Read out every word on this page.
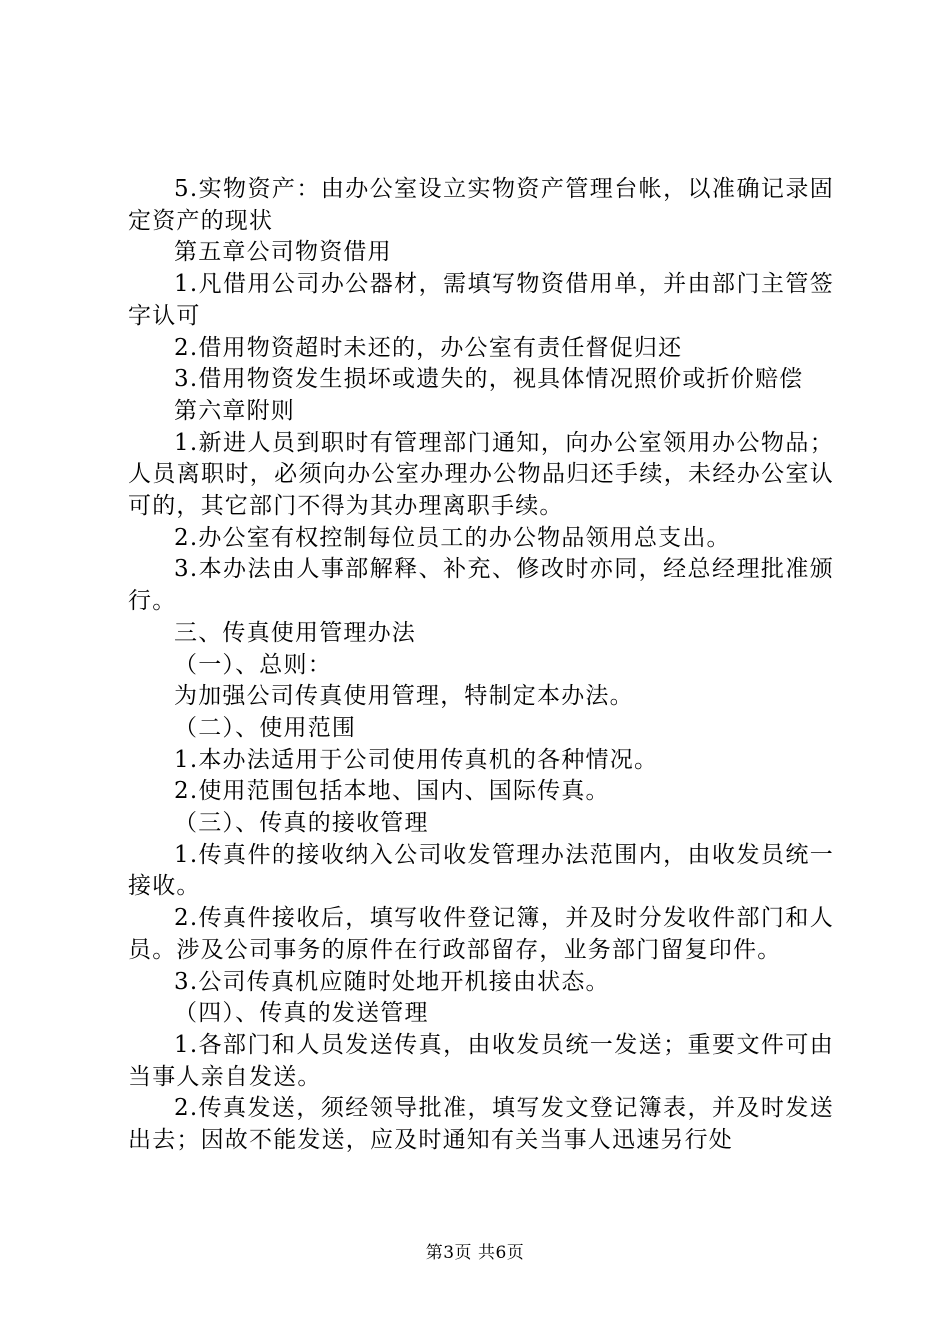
5.实物资产：由办公室设立实物资产管理台帐，以准确记录固定资产的现状

第五章公司物资借用

1.凡借用公司办公器材，需填写物资借用单，并由部门主管签字认可

2.借用物资超时未还的，办公室有责任督促归还

3.借用物资发生损坏或遗失的，视具体情况照价或折价赔偿

第六章附则

1.新进人员到职时有管理部门通知，向办公室领用办公物品；人员离职时，必须向办公室办理办公物品归还手续，未经办公室认可的，其它部门不得为其办理离职手续。

2.办公室有权控制每位员工的办公物品领用总支出。

3.本办法由人事部解释、补充、修改时亦同，经总经理批准颁行。

三、传真使用管理办法

（一）、总则：

为加强公司传真使用管理，特制定本办法。

（二）、使用范围

1.本办法适用于公司使用传真机的各种情况。

2.使用范围包括本地、国内、国际传真。

（三）、传真的接收管理

1.传真件的接收纳入公司收发管理办法范围内，由收发员统一接收。

2.传真件接收后，填写收件登记簿，并及时分发收件部门和人员。涉及公司事务的原件在行政部留存，业务部门留复印件。

3.公司传真机应随时处地开机接由状态。

（四）、传真的发送管理

1.各部门和人员发送传真，由收发员统一发送；重要文件可由当事人亲自发送。

2.传真发送，须经领导批准，填写发文登记簿表，并及时发送出去；因故不能发送，应及时通知有关当事人迅速另行处

第3页 共6页
